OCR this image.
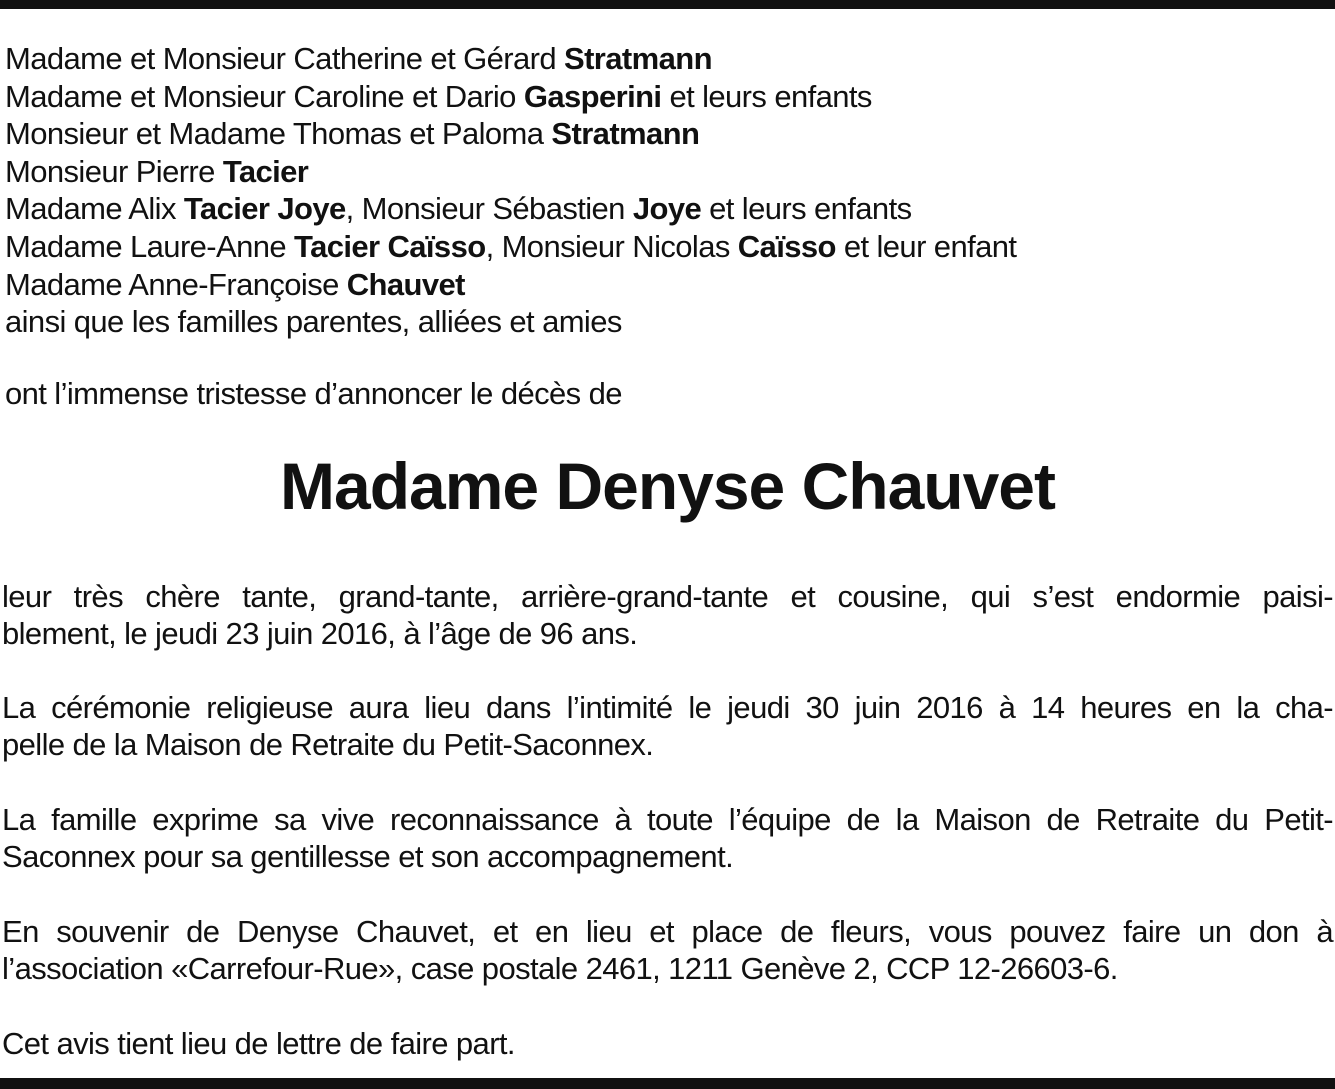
Madame et Monsieur Catherine et Gérard Stratmann
Madame et Monsieur Caroline et Dario Gasperini et leurs enfants
Monsieur et Madame Thomas et Paloma Stratmann
Monsieur Pierre Tacier
Madame Alix Tacier Joye, Monsieur Sébastien Joye et leurs enfants
Madame Laure-Anne Tacier Caïsso, Monsieur Nicolas Caïsso et leur enfant
Madame Anne-Françoise Chauvet
ainsi que les familles parentes, alliées et amies
ont l’immense tristesse d’annoncer le décès de
Madame Denyse Chauvet
leur très chère tante, grand-tante, arrière-grand-tante et cousine, qui s’est endormie paisi-
blement, le jeudi 23 juin 2016, à l’âge de 96 ans.
La cérémonie religieuse aura lieu dans l’intimité le jeudi 30 juin 2016 à 14 heures en la cha-
pelle de la Maison de Retraite du Petit-Saconnex.
La famille exprime sa vive reconnaissance à toute l’équipe de la Maison de Retraite du Petit-
Saconnex pour sa gentillesse et son accompagnement.
En souvenir de Denyse Chauvet, et en lieu et place de fleurs, vous pouvez faire un don à
l’association «Carrefour-Rue», case postale 2461, 1211 Genève 2, CCP 12-26603-6.
Cet avis tient lieu de lettre de faire part.
